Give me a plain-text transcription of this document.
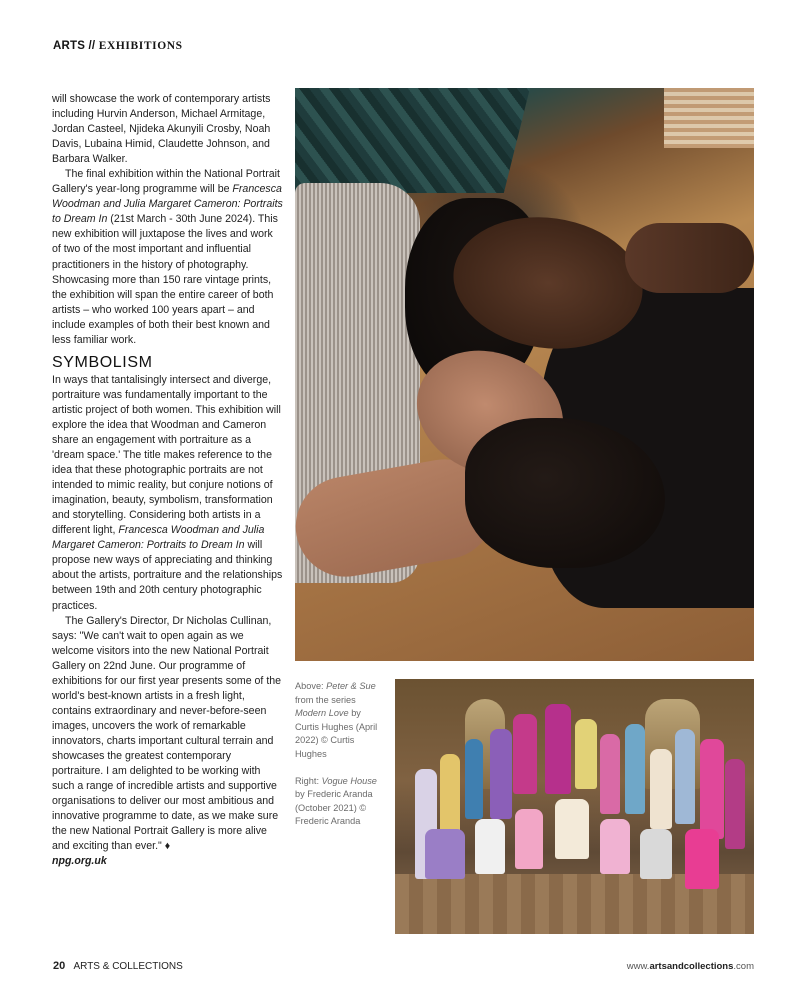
ARTS // EXHIBITIONS

will showcase the work of contemporary artists including Hurvin Anderson, Michael Armitage, Jordan Casteel, Njideka Akunyili Crosby, Noah Davis, Lubaina Himid, Claudette Johnson, and Barbara Walker.

The final exhibition within the National Portrait Gallery's year-long programme will be Francesca Woodman and Julia Margaret Cameron: Portraits to Dream In (21st March - 30th June 2024). This new exhibition will juxtapose the lives and work of two of the most important and influential practitioners in the history of photography. Showcasing more than 150 rare vintage prints, the exhibition will span the entire career of both artists – who worked 100 years apart – and include examples of both their best known and less familiar work.

SYMBOLISM

In ways that tantalisingly intersect and diverge, portraiture was fundamentally important to the artistic project of both women. This exhibition will explore the idea that Woodman and Cameron share an engagement with portraiture as a 'dream space.' The title makes reference to the idea that these photographic portraits are not intended to mimic reality, but conjure notions of imagination, beauty, symbolism, transformation and storytelling. Considering both artists in a different light, Francesca Woodman and Julia Margaret Cameron: Portraits to Dream In will propose new ways of appreciating and thinking about the artists, portraiture and the relationships between 19th and 20th century photographic practices.

The Gallery's Director, Dr Nicholas Cullinan, says: "We can't wait to open again as we welcome visitors into the new National Portrait Gallery on 22nd June. Our programme of exhibitions for our first year presents some of the world's best-known artists in a fresh light, contains extraordinary and never-before-seen images, uncovers the work of remarkable innovators, charts important cultural terrain and showcases the greatest contemporary portraiture. I am delighted to be working with such a range of incredible artists and supportive organisations to deliver our most ambitious and innovative programme to date, as we make sure the new National Portrait Gallery is more alive and exciting than ever." ♦

npg.org.uk

Above: Peter & Sue from the series Modern Love by Curtis Hughes (April 2022) © Curtis Hughes

Right: Vogue House by Frederic Aranda (October 2021) © Frederic Aranda

20 ARTS & COLLECTIONS	www.artsandcollections.com
